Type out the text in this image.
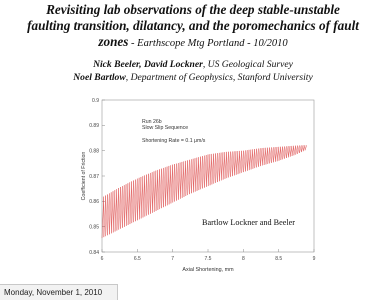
Revisiting lab observations of the deep stable-unstable
faulting transition, dilatancy, and the poromechanics of fault
zones - Earthscope Mtg Portland - 10/2010
Nick Beeler, David Lockner, US Geological Survey
Noel Bartlow, Department of Geophysics, Stanford University
0.84
0.85
0.86
0.87
0.88
0.89
0.9
6	6.5	7	7.5	8	8.5	9
Run 26b
Slow Slip Sequence
Shortening Rate = 0.1 μm/s
Bartlow Lockner and Beeler
Axial Shortening, mm
Coefficient of Friction
Monday, November 1, 2010
